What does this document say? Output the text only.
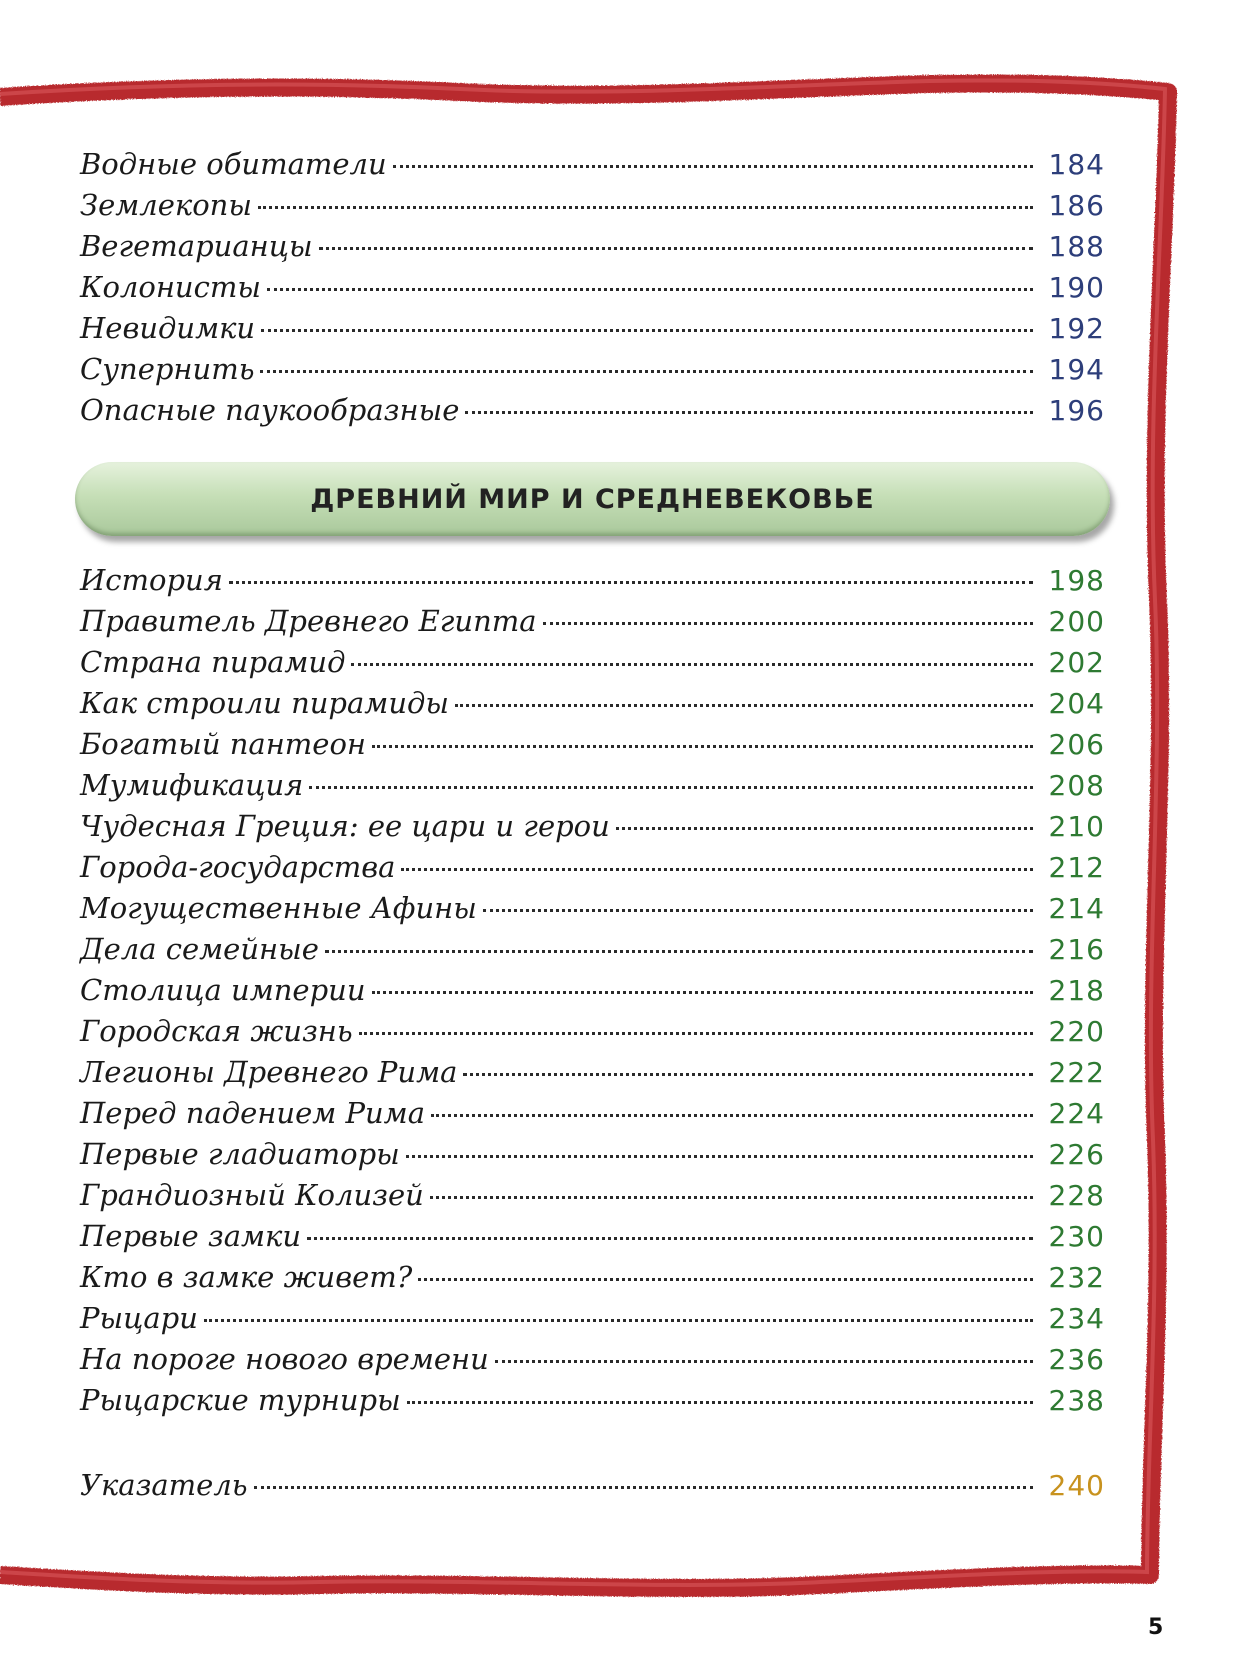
Водные обитатели	184
Землекопы	186
Вегетарианцы	188
Колонисты	190
Невидимки	192
Супернить	194
Опасные паукообразные	196
ДРЕВНИЙ МИР И СРЕДНЕВЕКОВЬЕ
История	198
Правитель Древнего Египта	200
Страна пирамид	202
Как строили пирамиды	204
Богатый пантеон	206
Мумификация	208
Чудесная Греция: ее цари и герои	210
Города-государства	212
Могущественные Афины	214
Дела семейные	216
Столица империи	218
Городская жизнь	220
Легионы Древнего Рима	222
Перед падением Рима	224
Первые гладиаторы	226
Грандиозный Колизей	228
Первые замки	230
Кто в замке живет?	232
Рыцари	234
На пороге нового времени	236
Рыцарские турниры	238
Указатель	240
5
